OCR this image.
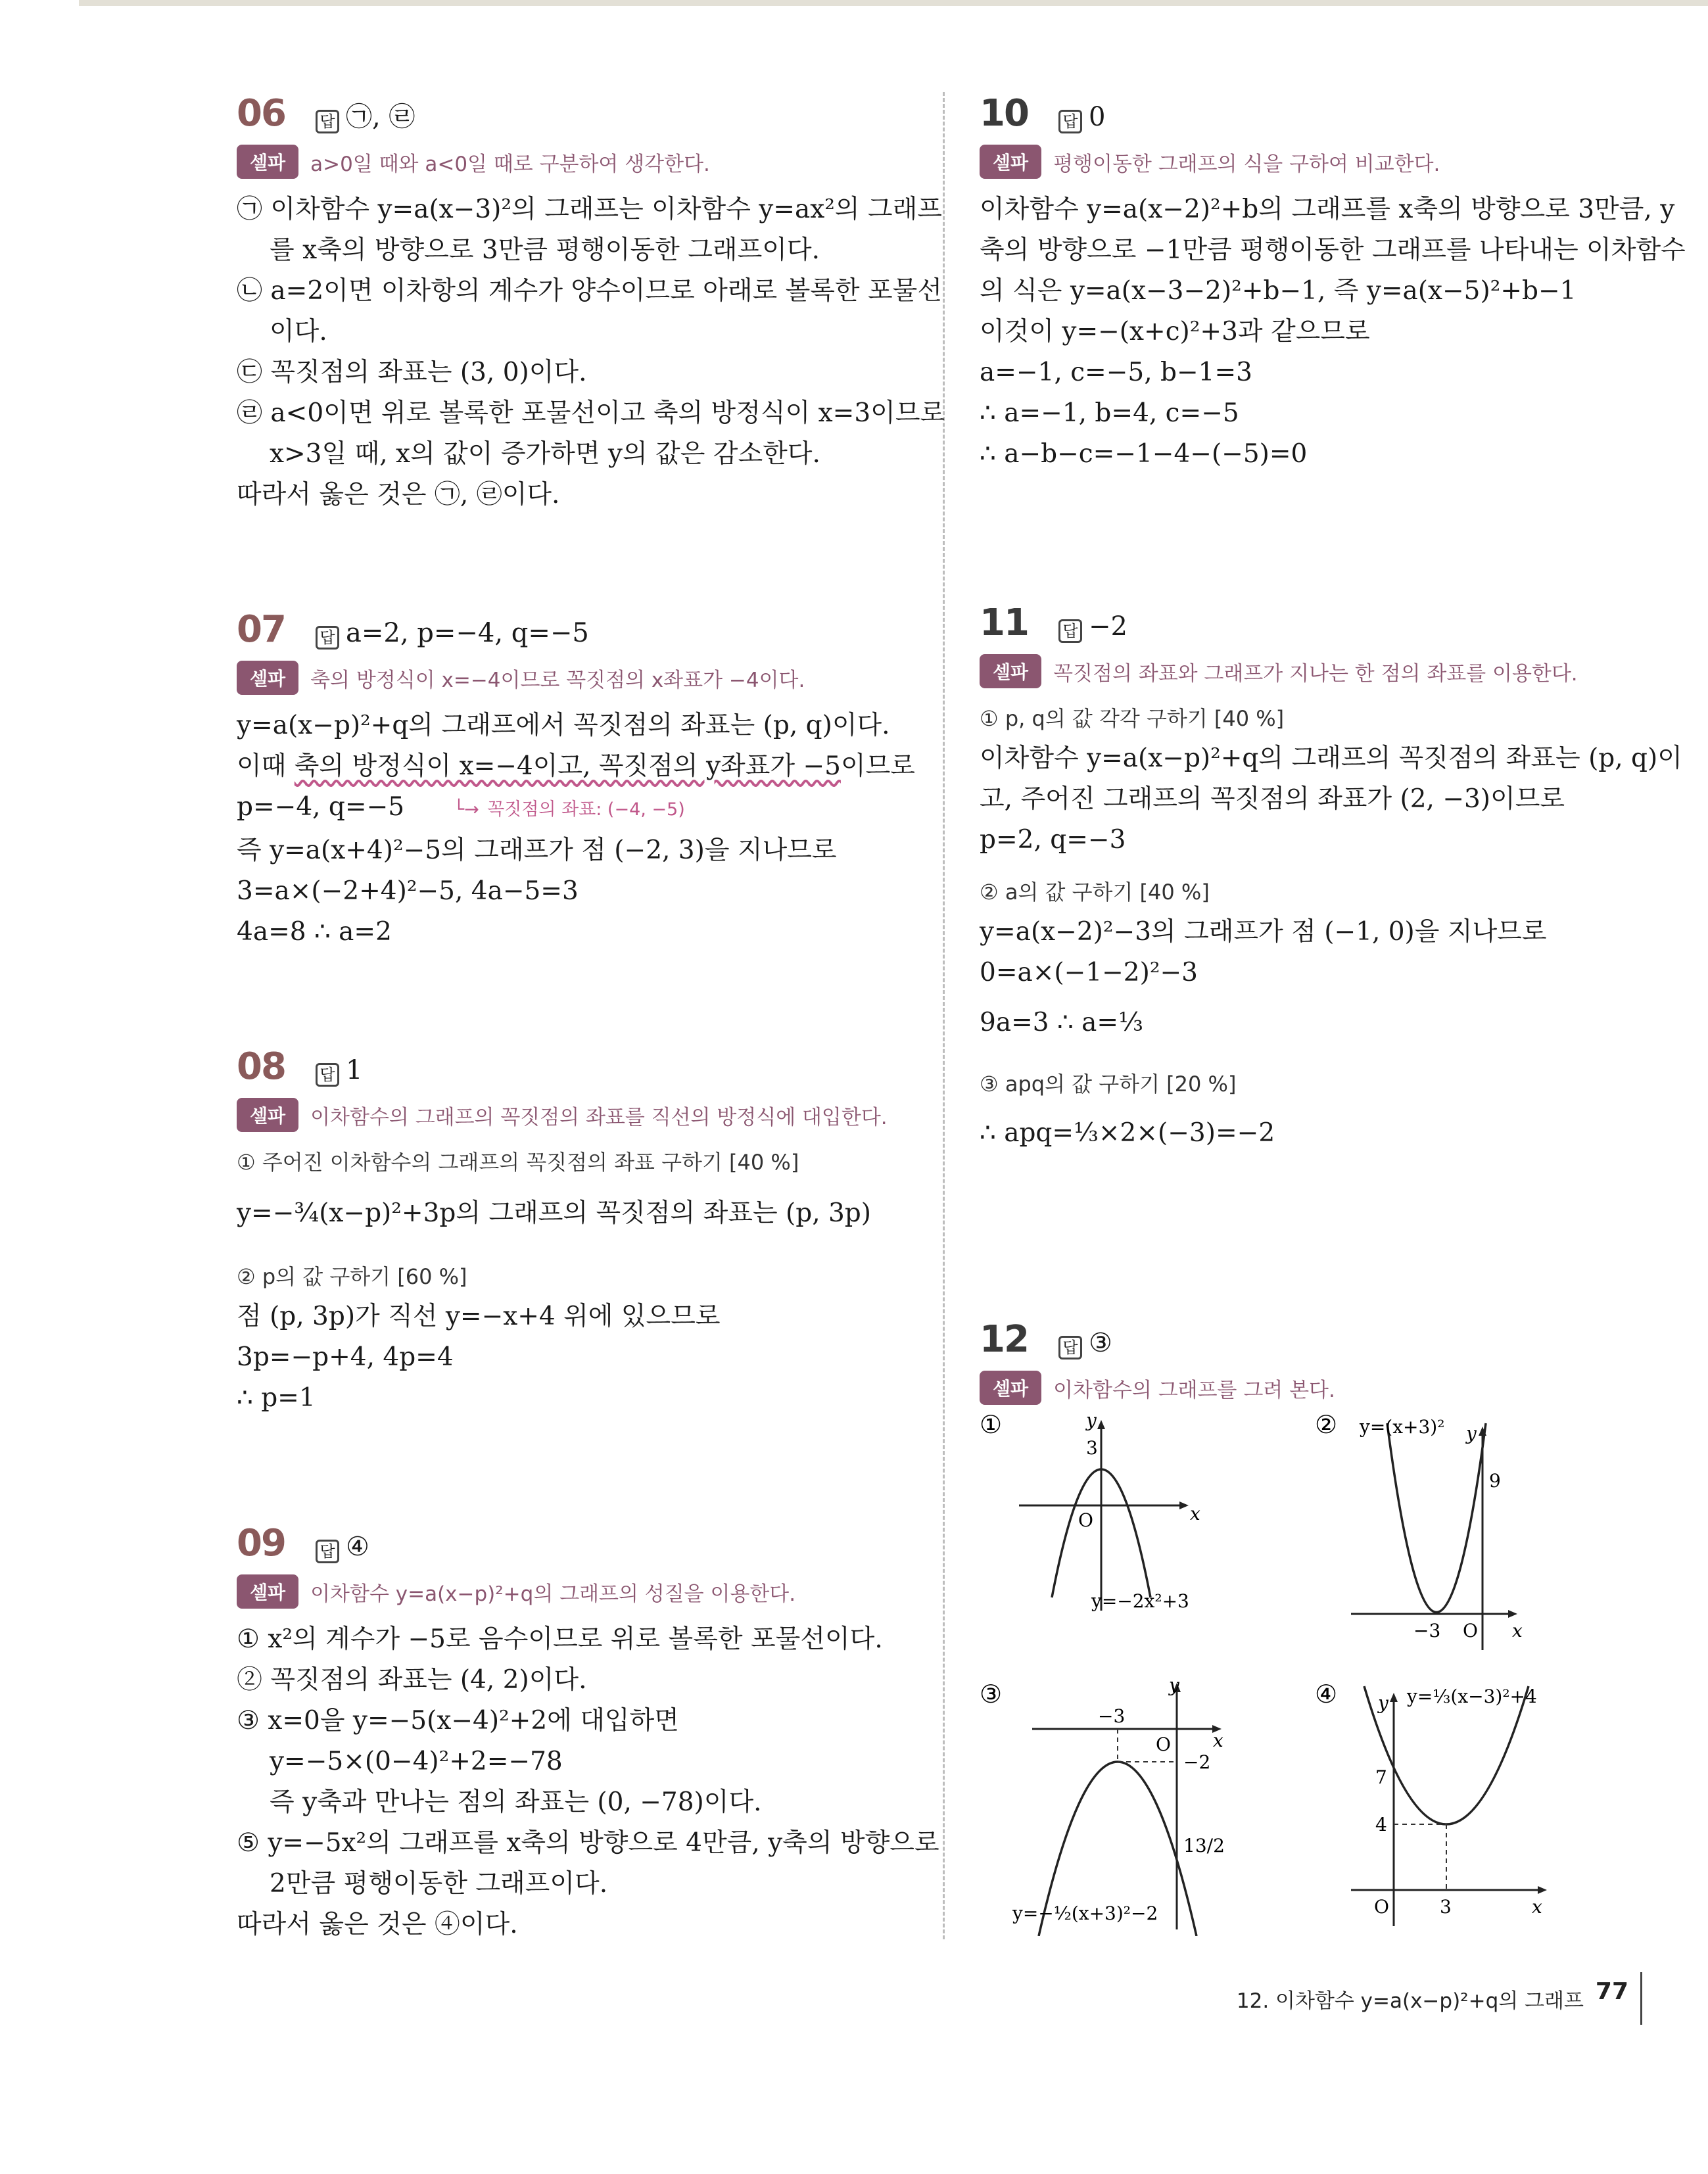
06	답 ㉠, ㉣
셀파	a>0일 때와 a<0일 때로 구분하여 생각한다.
㉠ 이차함수 y=a(x−3)²의 그래프는 이차함수 y=ax²의 그래프
를 x축의 방향으로 3만큼 평행이동한 그래프이다.
㉡ a=2이면 이차항의 계수가 양수이므로 아래로 볼록한 포물선
이다.
㉢ 꼭짓점의 좌표는 (3, 0)이다.
㉣ a<0이면 위로 볼록한 포물선이고 축의 방정식이 x=3이므로
x>3일 때, x의 값이 증가하면 y의 값은 감소한다.
따라서 옳은 것은 ㉠, ㉣이다.
07	답 a=2, p=−4, q=−5
셀파	축의 방정식이 x=−4이므로 꼭짓점의 x좌표가 −4이다.
y=a(x−p)²+q의 그래프에서 꼭짓점의 좌표는 (p, q)이다.
이때 축의 방정식이 x=−4이고, 꼭짓점의 y좌표가 −5이므로
p=−4, q=−5	└→ 꼭짓점의 좌표: (−4, −5)
즉 y=a(x+4)²−5의 그래프가 점 (−2, 3)을 지나므로
3=a×(−2+4)²−5, 4a−5=3
4a=8 ∴ a=2
08	답 1
셀파	이차함수의 그래프의 꼭짓점의 좌표를 직선의 방정식에 대입한다.
① 주어진 이차함수의 그래프의 꼭짓점의 좌표 구하기 [40 %]
y=−¾(x−p)²+3p의 그래프의 꼭짓점의 좌표는 (p, 3p)
② p의 값 구하기 [60 %]
점 (p, 3p)가 직선 y=−x+4 위에 있으므로
3p=−p+4, 4p=4
∴ p=1
09	답 ④
셀파	이차함수 y=a(x−p)²+q의 그래프의 성질을 이용한다.
① x²의 계수가 −5로 음수이므로 위로 볼록한 포물선이다.
② 꼭짓점의 좌표는 (4, 2)이다.
③ x=0을 y=−5(x−4)²+2에 대입하면
y=−5×(0−4)²+2=−78
즉 y축과 만나는 점의 좌표는 (0, −78)이다.
⑤ y=−5x²의 그래프를 x축의 방향으로 4만큼, y축의 방향으로
2만큼 평행이동한 그래프이다.
따라서 옳은 것은 ④이다.
10	답 0
셀파	평행이동한 그래프의 식을 구하여 비교한다.
이차함수 y=a(x−2)²+b의 그래프를 x축의 방향으로 3만큼, y
축의 방향으로 −1만큼 평행이동한 그래프를 나타내는 이차함수
의 식은 y=a(x−3−2)²+b−1, 즉 y=a(x−5)²+b−1
이것이 y=−(x+c)²+3과 같으므로
a=−1, c=−5, b−1=3
∴ a=−1, b=4, c=−5
∴ a−b−c=−1−4−(−5)=0
11	답 −2
셀파	꼭짓점의 좌표와 그래프가 지나는 한 점의 좌표를 이용한다.
① p, q의 값 각각 구하기 [40 %]
이차함수 y=a(x−p)²+q의 그래프의 꼭짓점의 좌표는 (p, q)이
고, 주어진 그래프의 꼭짓점의 좌표가 (2, −3)이므로
p=2, q=−3
② a의 값 구하기 [40 %]
y=a(x−2)²−3의 그래프가 점 (−1, 0)을 지나므로
0=a×(−1−2)²−3
9a=3 ∴ a=⅓
③ apq의 값 구하기 [20 %]
∴ apq=⅓×2×(−3)=−2
12	답 ③
셀파	이차함수의 그래프를 그려 본다.
①	y
x
3
O
y=−2x²+3
② y=(x+3)² y
9
−3 O x
③	y
−3
O x
−2
13/2
y=−½(x+3)²−2
④ y y=⅓(x−3)²+4
7
4
O	3	x
12. 이차함수 y=a(x−p)²+q의 그래프 77
